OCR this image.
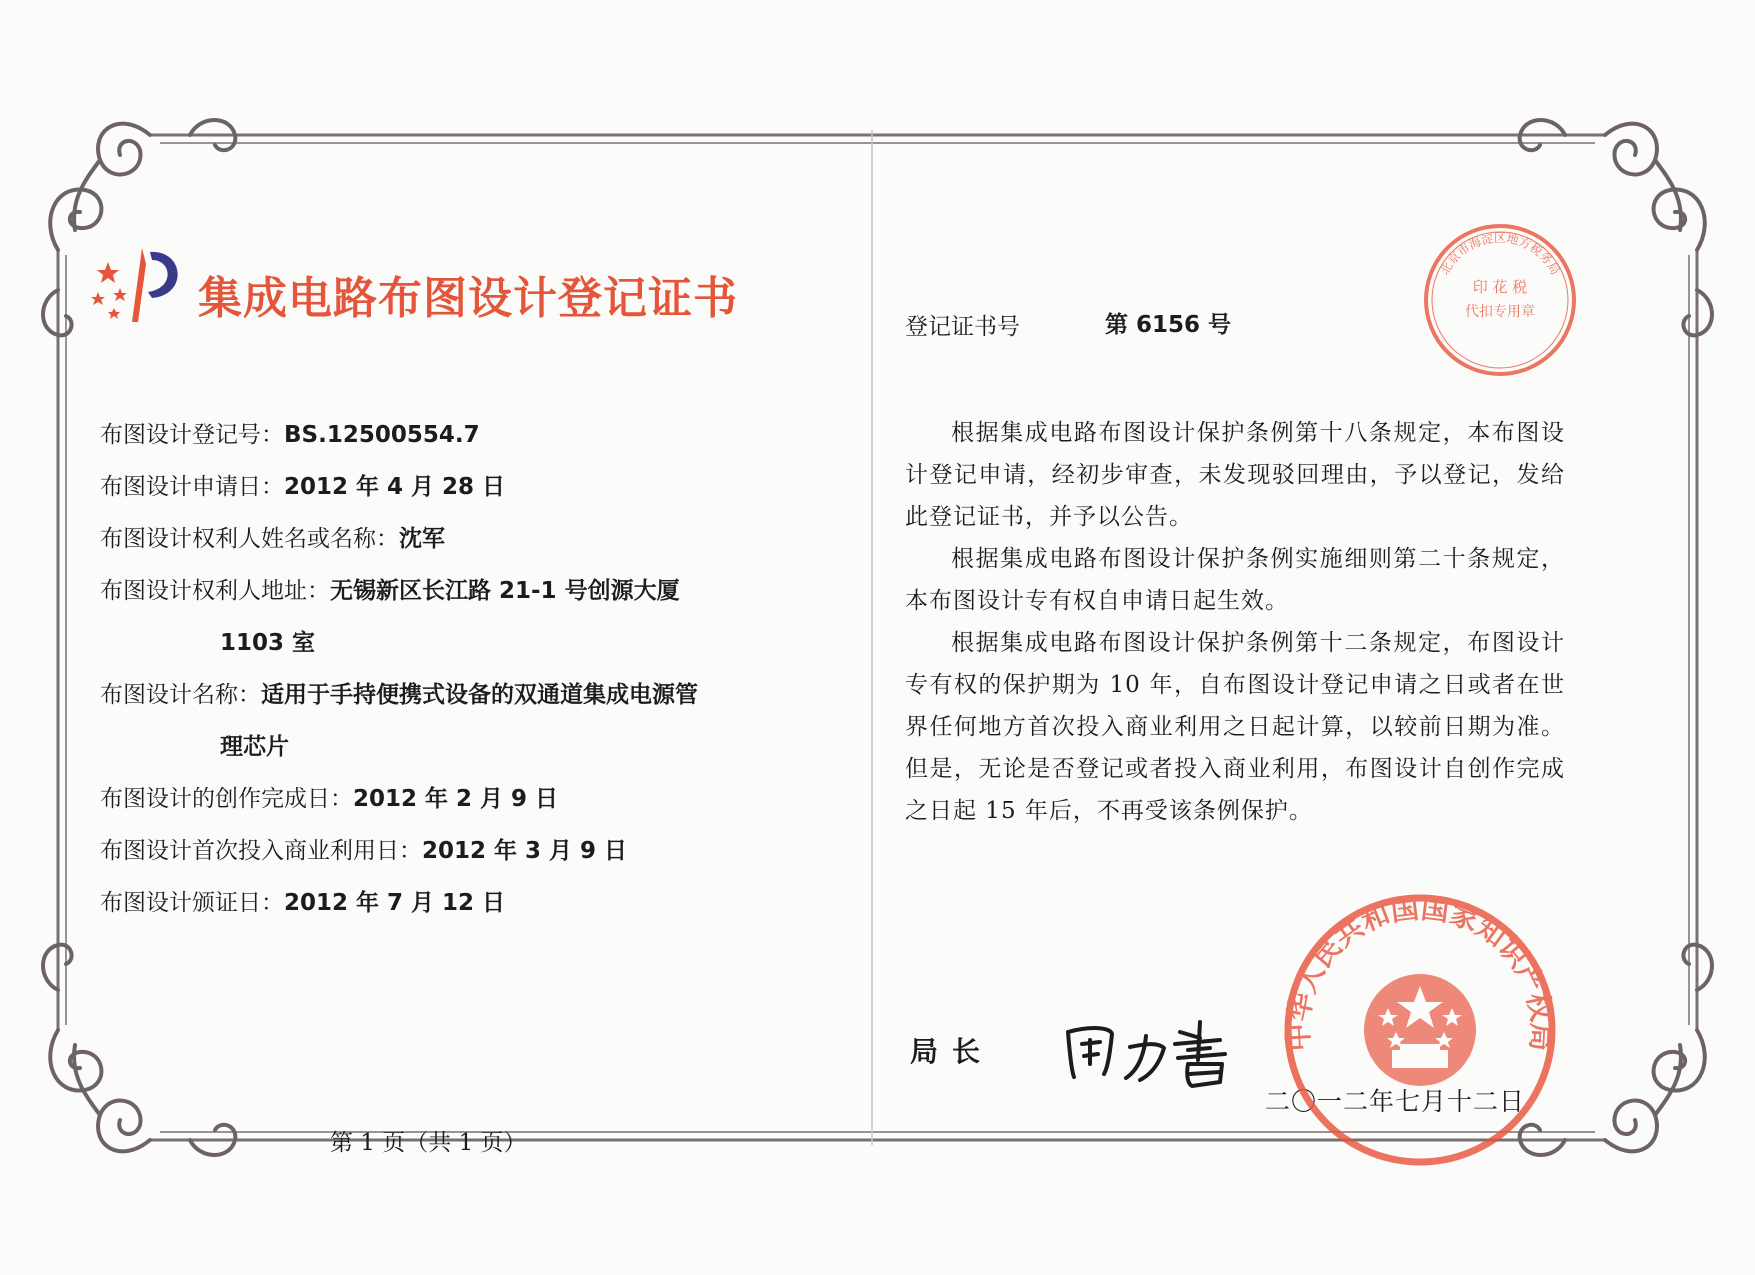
集成电路布图设计登记证书
布图设计登记号：BS.12500554.7
布图设计申请日：2012 年 4 月 28 日
布图设计权利人姓名或名称：沈军
布图设计权利人地址：无锡新区长江路 21-1 号创源大厦
1103 室
布图设计名称：适用于手持便携式设备的双通道集成电源管
理芯片
布图设计的创作完成日：2012 年 2 月 9 日
布图设计首次投入商业利用日：2012 年 3 月 9 日
布图设计颁证日：2012 年 7 月 12 日
第 1 页（共 1 页）
登记证书号	第 6156 号
根据集成电路布图设计保护条例第十八条规定，本布图设计登记申请，经初步审查，未发现驳回理由，予以登记，发给此登记证书，并予以公告。
根据集成电路布图设计保护条例实施细则第二十条规定，本布图设计专有权自申请日起生效。
根据集成电路布图设计保护条例第十二条规定，布图设计专有权的保护期为 10 年，自布图设计登记申请之日或者在世界任何地方首次投入商业利用之日起计算，以较前日期为准。但是，无论是否登记或者投入商业利用，布图设计自创作完成之日起 15 年后，不再受该条例保护。
局长
二〇一二年七月十二日
印 花 税
代扣专用章
北京市海淀区地方税务局
中华人民共和国国家知识产权局
